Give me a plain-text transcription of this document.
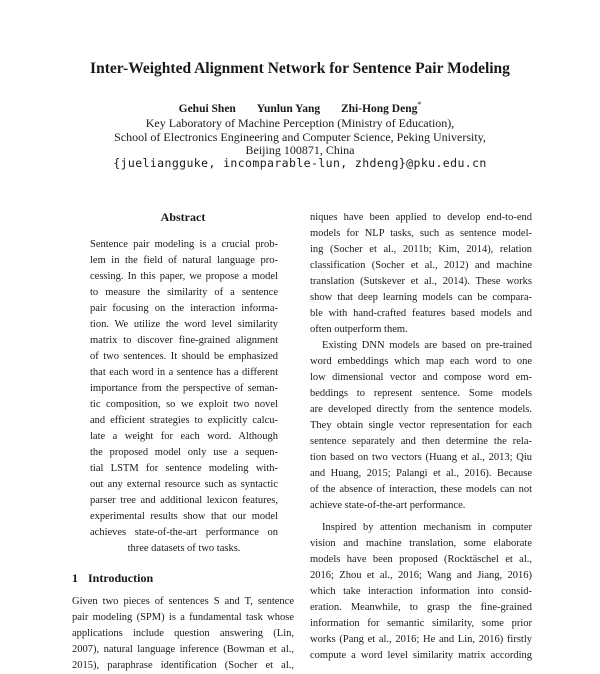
Inter-Weighted Alignment Network for Sentence Pair Modeling
Gehui Shen Yunlun Yang Zhi-Hong Deng*
Key Laboratory of Machine Perception (Ministry of Education),
School of Electronics Engineering and Computer Science, Peking University,
Beijing 100871, China
{jueliangguke, incomparable-lun, zhdeng}@pku.edu.cn
Abstract
Sentence pair modeling is a crucial prob-
lem in the field of natural language pro-
cessing. In this paper, we propose a model
to measure the similarity of a sentence
pair focusing on the interaction informa-
tion. We utilize the word level similarity
matrix to discover fine-grained alignment
of two sentences. It should be emphasized
that each word in a sentence has a different
importance from the perspective of seman-
tic composition, so we exploit two novel
and efficient strategies to explicitly calcu-
late a weight for each word. Although
the proposed model only use a sequen-
tial LSTM for sentence modeling with-
out any external resource such as syntactic
parser tree and additional lexicon features,
experimental results show that our model
achieves state-of-the-art performance on
three datasets of two tasks.
1 Introduction
Given two pieces of sentences S and T, sentence
pair modeling (SPM) is a fundamental task whose
applications include question answering (Lin,
2007), natural language inference (Bowman et al.,
2015), paraphrase identification (Socher et al.,
niques have been applied to develop end-to-end
models for NLP tasks, such as sentence model-
ing (Socher et al., 2011b; Kim, 2014), relation
classification (Socher et al., 2012) and machine
translation (Sutskever et al., 2014). These works
show that deep learning models can be compara-
ble with hand-crafted features based models and
often outperform them.
Existing DNN models are based on pre-trained
word embeddings which map each word to one
low dimensional vector and compose word em-
beddings to represent sentence. Some models
are developed directly from the sentence models.
They obtain single vector representation for each
sentence separately and then determine the rela-
tion based on two vectors (Huang et al., 2013; Qiu
and Huang, 2015; Palangi et al., 2016). Because
of the absence of interaction, these models can not
achieve state-of-the-art performance.
Inspired by attention mechanism in computer
vision and machine translation, some elaborate
models have been proposed (Rocktäschel et al.,
2016; Zhou et al., 2016; Wang and Jiang, 2016)
which take interaction information into consid-
eration. Meanwhile, to grasp the fine-grained
information for semantic similarity, some prior
works (Pang et al., 2016; He and Lin, 2016) firstly
compute a word level similarity matrix according
